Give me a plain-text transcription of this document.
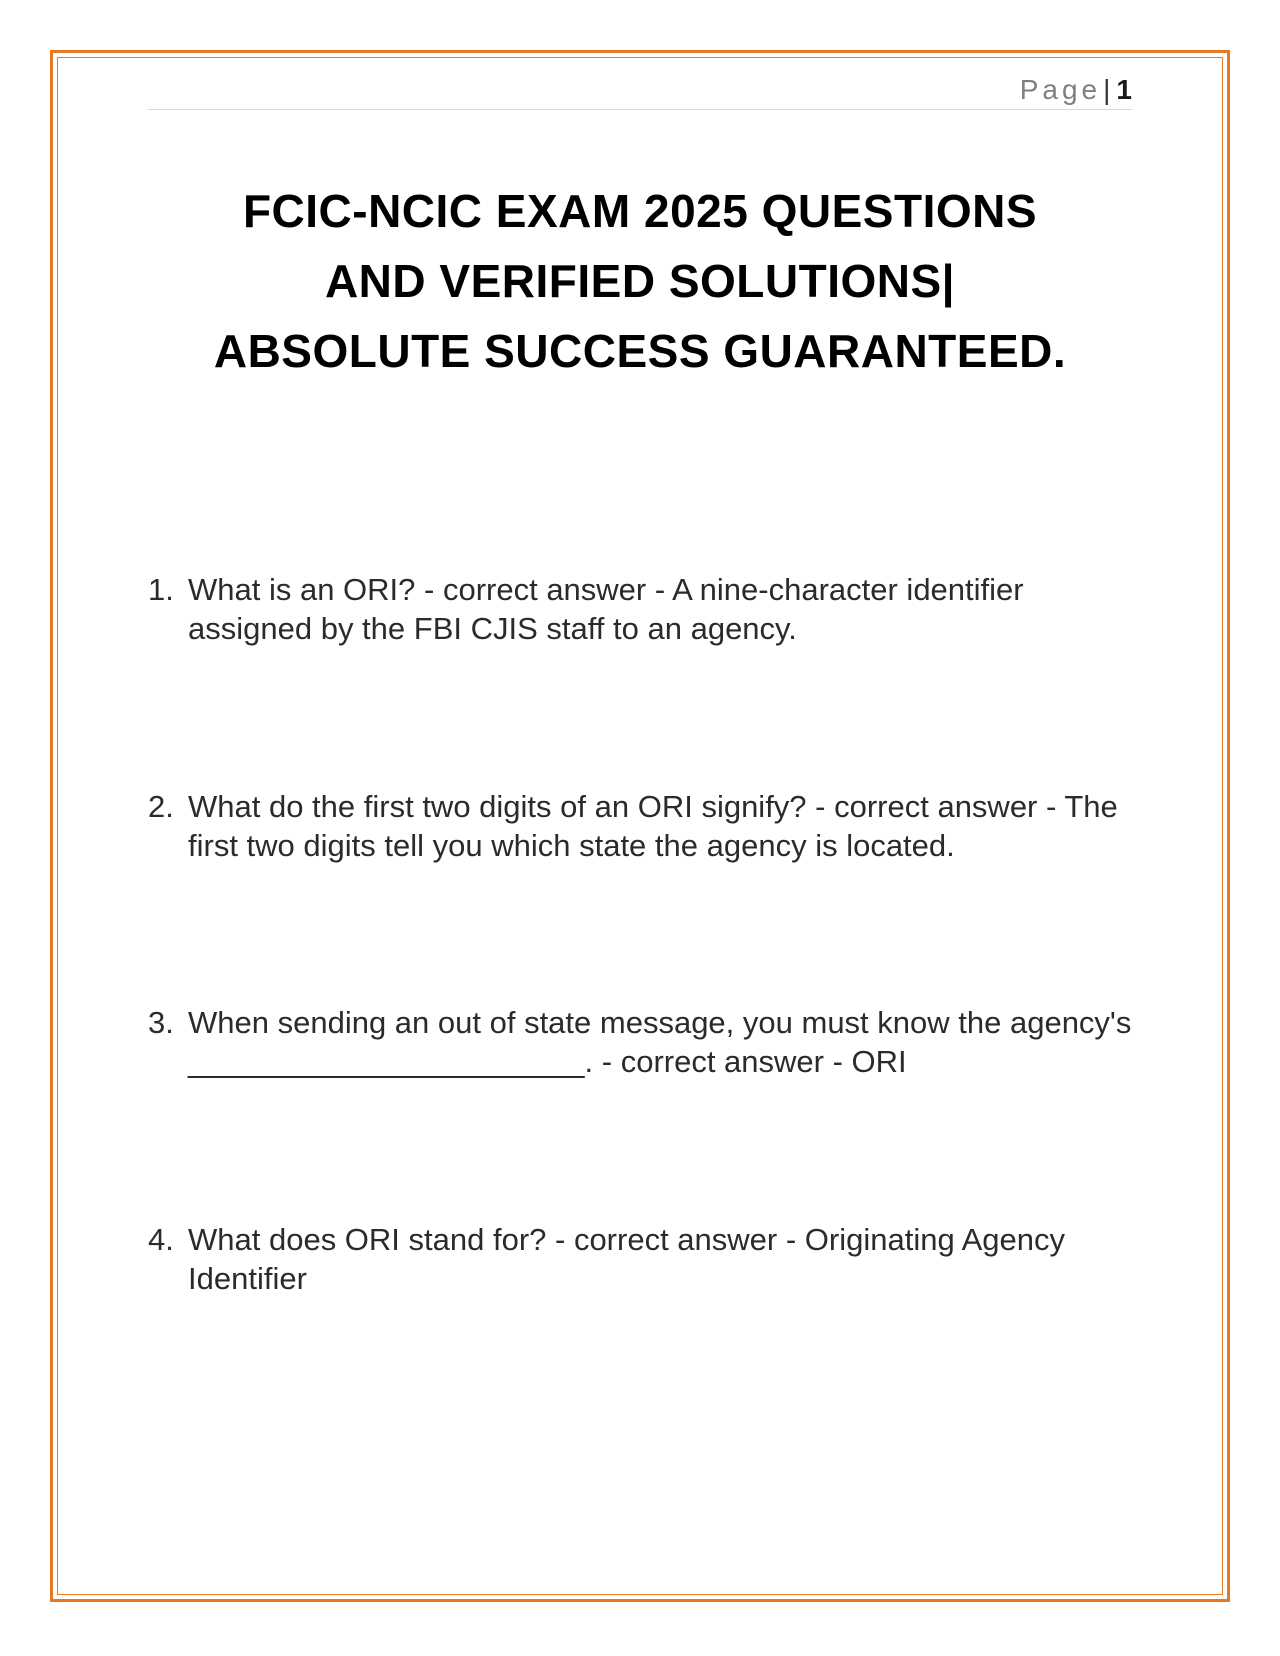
Page| 1
FCIC-NCIC EXAM 2025 QUESTIONS
AND VERIFIED SOLUTIONS|
ABSOLUTE SUCCESS GUARANTEED.
1. What is an ORI? - correct answer - A nine-character identifier assigned by the FBI CJIS staff to an agency.
2. What do the first two digits of an ORI signify? - correct answer - The first two digits tell you which state the agency is located.
3. When sending an out of state message, you must know the agency's _______________________. - correct answer - ORI
4. What does ORI stand for? - correct answer - Originating Agency Identifier
